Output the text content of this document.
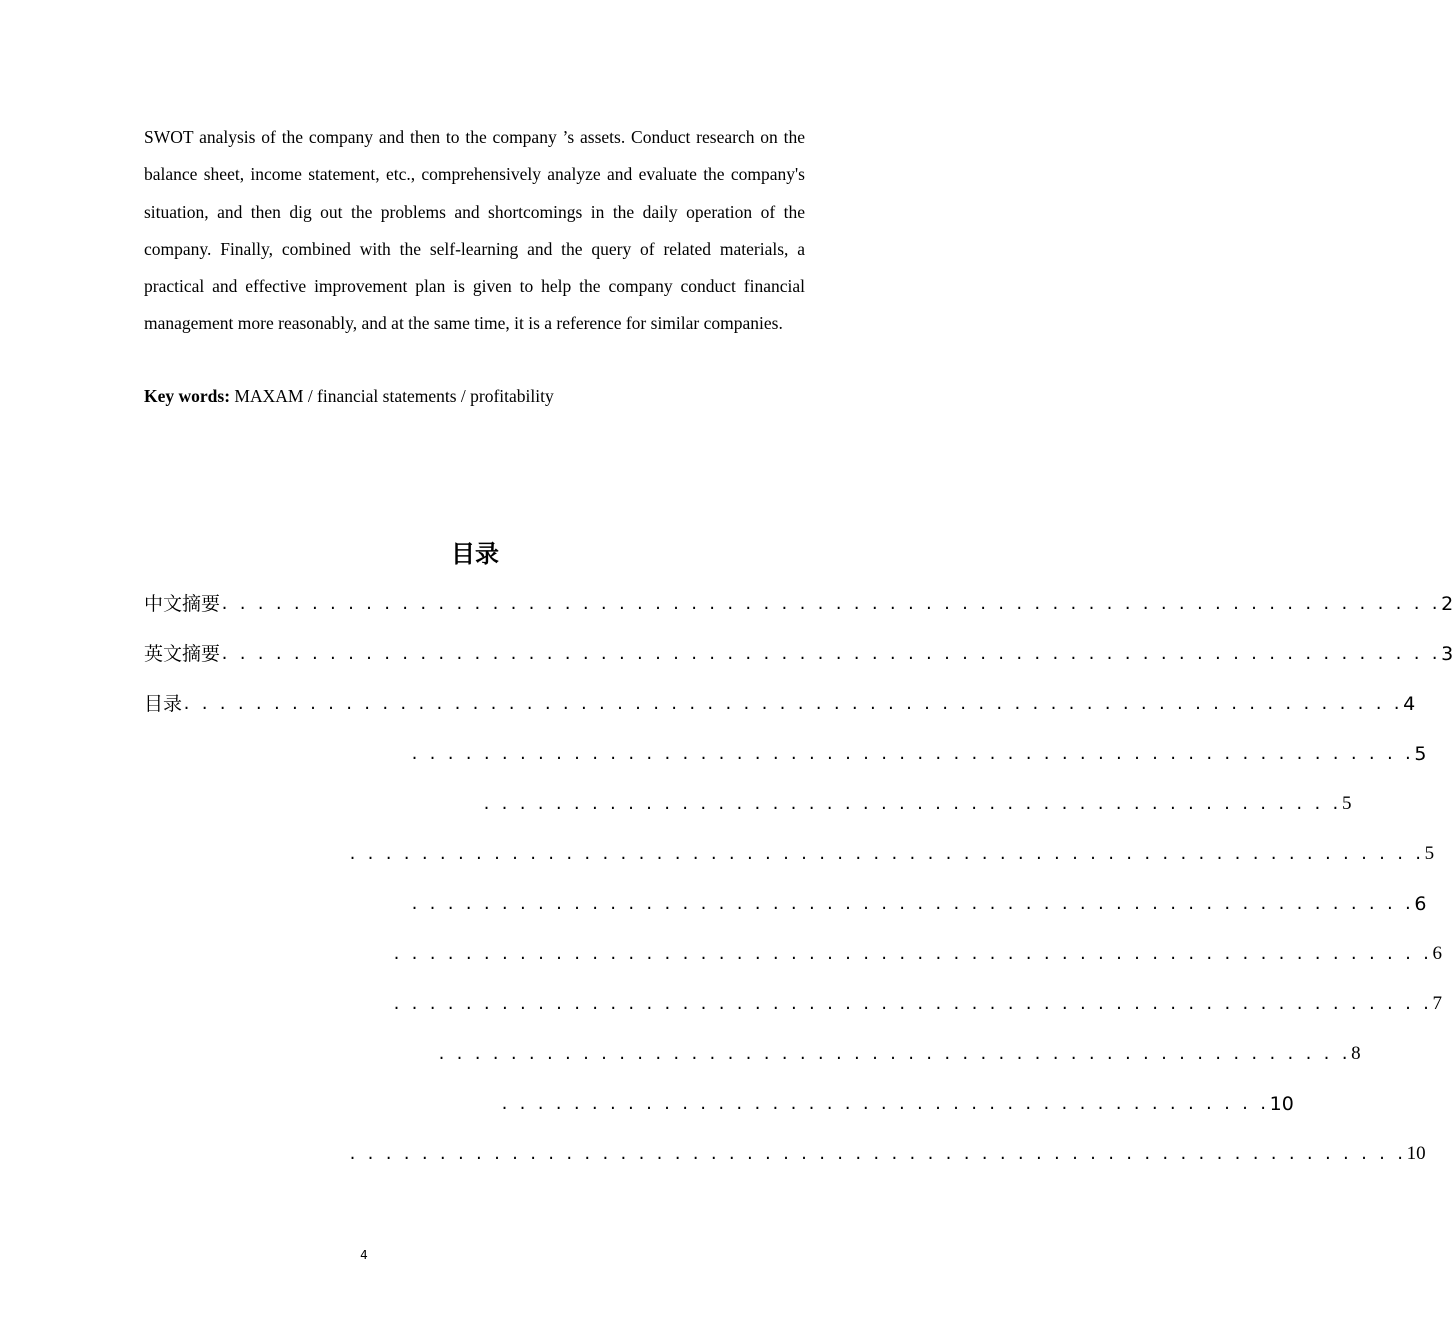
SWOT analysis of the company and then to the company ’s assets. Conduct research on the balance sheet, income statement, etc., comprehensively analyze and evaluate the company's situation, and then dig out the problems and shortcomings in the daily operation of the company. Finally, combined with the self-learning and the query of related materials, a practical and effective improvement plan is given to help the company conduct financial management more reasonably, and at the same time, it is a reference for similar companies.

Key words: MAXAM / financial statements / profitability

目录
中文摘要 . . . . . . . . . . . . . . . . . . . . . . . . . . . . . . . . . . . . . . . . . . . . . . . . . . . . . . . . . . . . . . . . . . . . 2
英文摘要 . . . . . . . . . . . . . . . . . . . . . . . . . . . . . . . . . . . . . . . . . . . . . . . . . . . . . . . . . . . . . . . . . . . . 3
目录 . . . . . . . . . . . . . . . . . . . . . . . . . . . . . . . . . . . . . . . . . . . . . . . . . . . . . . . . . . . . . . . . . . . . 4
. . . . . . . . . . . . . . . . . . . . . . . . . . . . . . . . . . . . . . . . . . . . . . . . . . . . . . . . 5
. . . . . . . . . . . . . . . . . . . . . . . . . . . . . . . . . . . . . . . . . . . . . . . . 5
. . . . . . . . . . . . . . . . . . . . . . . . . . . . . . . . . . . . . . . . . . . . . . . . . . . . . . . . . . . . 5
. . . . . . . . . . . . . . . . . . . . . . . . . . . . . . . . . . . . . . . . . . . . . . . . . . . . . . . . 6
. . . . . . . . . . . . . . . . . . . . . . . . . . . . . . . . . . . . . . . . . . . . . . . . . . . . . . . . . . 6
. . . . . . . . . . . . . . . . . . . . . . . . . . . . . . . . . . . . . . . . . . . . . . . . . . . . . . . . . . 7
. . . . . . . . . . . . . . . . . . . . . . . . . . . . . . . . . . . . . . . . . . . . . . . . . . . 8
. . . . . . . . . . . . . . . . . . . . . . . . . . . . . . . . . . . . . . . . . . . 10
. . . . . . . . . . . . . . . . . . . . . . . . . . . . . . . . . . . . . . . . . . . . . . . . . . . . . . . . . . . 10
4
